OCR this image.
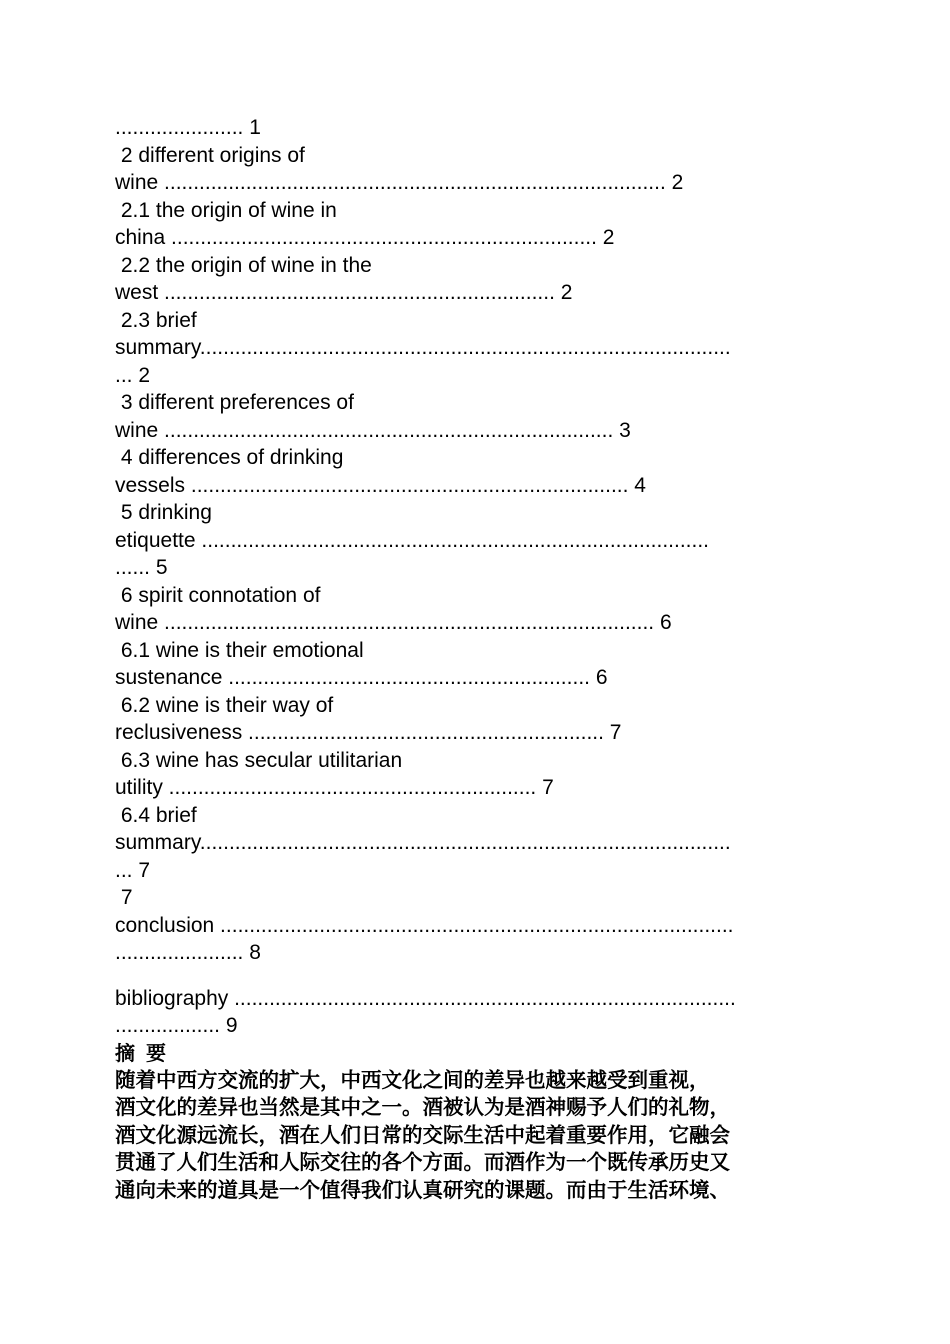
...................... 1
2 different origins of
wine ...................................................................................... 2
2.1 the origin of wine in
china ......................................................................... 2
2.2 the origin of wine in the
west ................................................................... 2
2.3 brief
summary...........................................................................................
... 2
3 different preferences of
wine ............................................................................. 3
4 differences of drinking
vessels ........................................................................... 4
5 drinking
etiquette .......................................................................................
...... 5
6 spirit connotation of
wine .................................................................................... 6
6.1 wine is their emotional
sustenance .............................................................. 6
6.2 wine is their way of
reclusiveness ............................................................. 7
6.3 wine has secular utilitarian
utility ............................................................... 7
6.4 brief
summary...........................................................................................
... 7
7
conclusion ........................................................................................
...................... 8
bibliography ......................................................................................
.................. 9
摘 要
随着中西方交流的扩大，中西文化之间的差异也越来越受到重视，
酒文化的差异也当然是其中之一。酒被认为是酒神赐予人们的礼物，
酒文化源远流长，酒在人们日常的交际生活中起着重要作用，它融会
贯通了人们生活和人际交往的各个方面。而酒作为一个既传承历史又
通向未来的道具是一个值得我们认真研究的课题。而由于生活环境、
